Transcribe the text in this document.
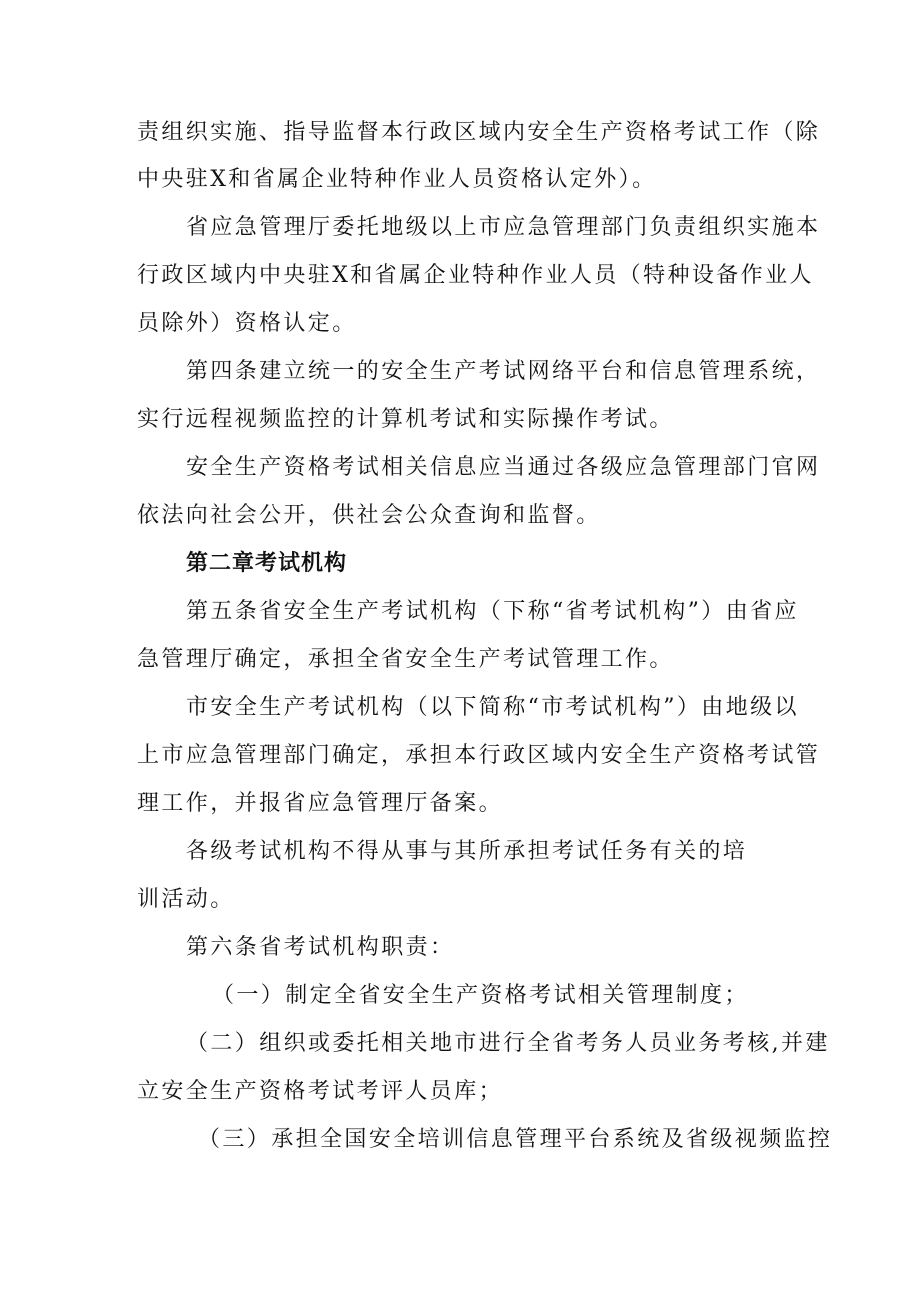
责组织实施、指导监督本行政区域内安全生产资格考试工作（除
中央驻X和省属企业特种作业人员资格认定外）。
省应急管理厅委托地级以上市应急管理部门负责组织实施本
行政区域内中央驻X和省属企业特种作业人员（特种设备作业人
员除外）资格认定。
第四条建立统一的安全生产考试网络平台和信息管理系统，
实行远程视频监控的计算机考试和实际操作考试。
安全生产资格考试相关信息应当通过各级应急管理部门官网
依法向社会公开，供社会公众查询和监督。
第二章考试机构
第五条省安全生产考试机构（下称“省考试机构”）由省应
急管理厅确定，承担全省安全生产考试管理工作。
市安全生产考试机构（以下简称“市考试机构”）由地级以
上市应急管理部门确定，承担本行政区域内安全生产资格考试管
理工作，并报省应急管理厅备案。
各级考试机构不得从事与其所承担考试任务有关的培
训活动。
第六条省考试机构职责：
（一）制定全省安全生产资格考试相关管理制度；
（二）组织或委托相关地市进行全省考务人员业务考核,并建
立安全生产资格考试考评人员库；
（三）承担全国安全培训信息管理平台系统及省级视频监控
